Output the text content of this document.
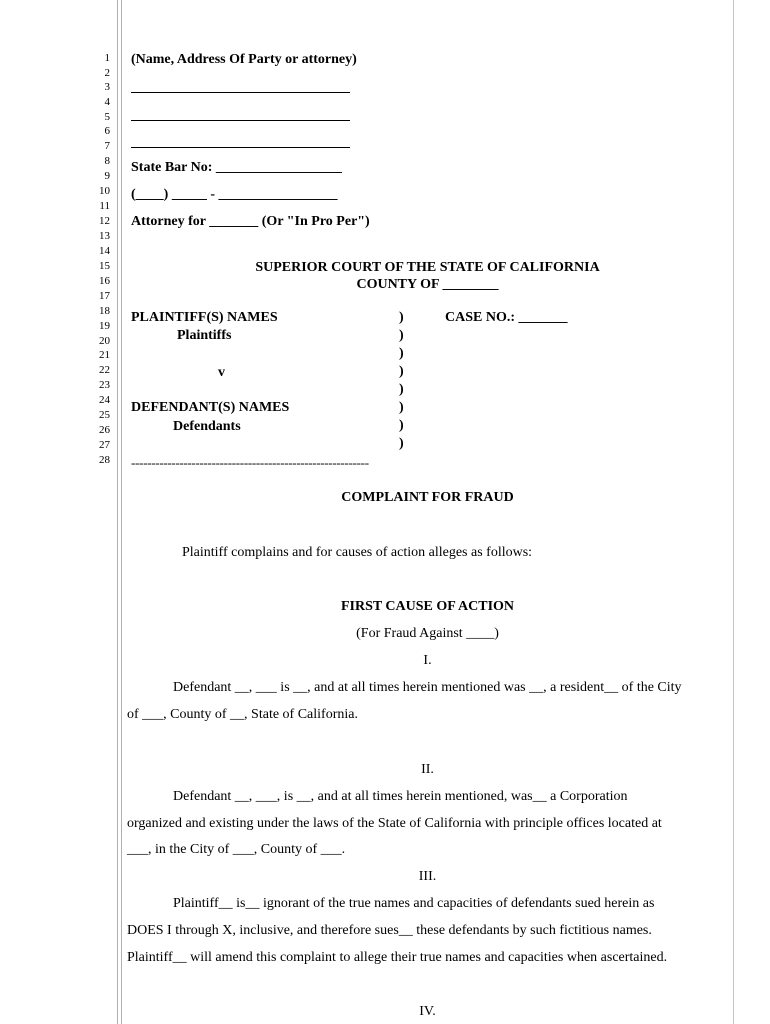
1
2
3
4
5
6
7
8
9
10
11
12
13
14
15
16
17
18
19
20
21
22
23
24
25
26
27
28
(Name, Address Of Party or attorney)
State Bar No: __________________
(____) _____ - _________________
Attorney for _______ (Or "In Pro Per")
SUPERIOR COURT OF THE STATE OF CALIFORNIA
COUNTY OF ________
PLAINTIFF(S) NAMES
Plaintiffs
v
DEFENDANT(S) NAMES
Defendants
)
)
)
)
)
)
)
)
CASE NO.: _______
-----------------------------------------------------------
COMPLAINT FOR FRAUD
Plaintiff complains and for causes of action alleges as follows:
FIRST CAUSE OF ACTION
(For Fraud Against ____)
I.
Defendant __, ___ is __, and at all times herein mentioned was __, a resident__ of the City
of ___, County of __, State of California.
II.
Defendant __, ___, is __, and at all times herein mentioned, was__ a Corporation
organized and existing under the laws of the State of California with principle offices located at
___, in the City of ___, County of ___.
III.
Plaintiff__ is__ ignorant of the true names and capacities of defendants sued herein as
DOES I through X, inclusive, and therefore sues__ these defendants by such fictitious names.
Plaintiff__ will amend this complaint to allege their true names and capacities when ascertained.
IV.
